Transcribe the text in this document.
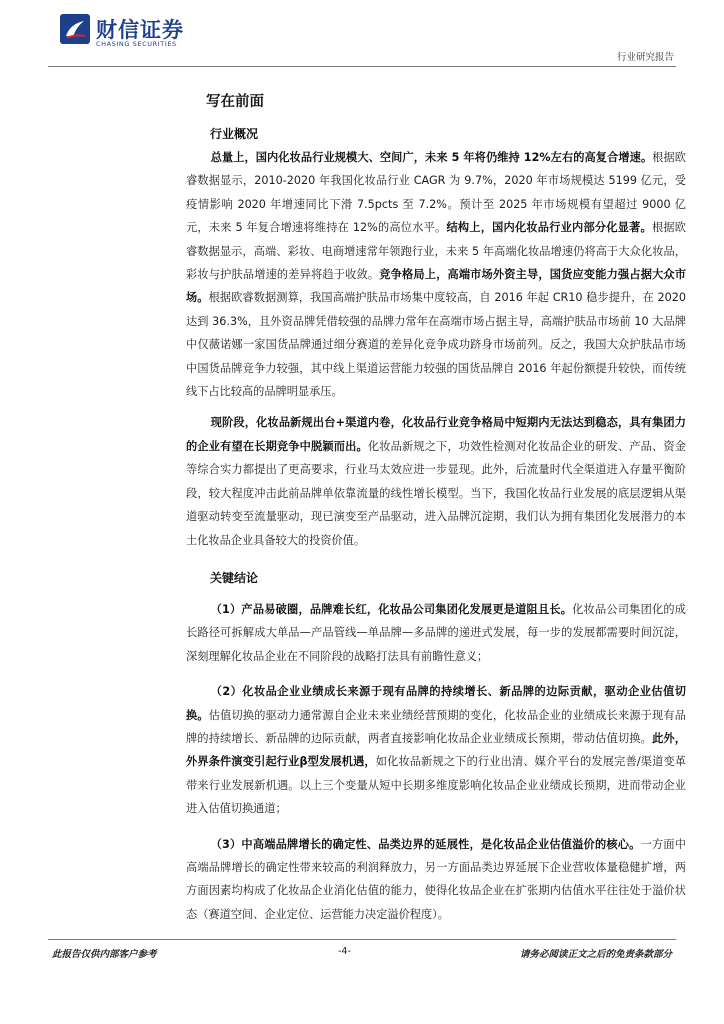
财信证券
CHASING SECURITIES
行业研究报告
写在前面
行业概况

总量上，国内化妆品行业规模大、空间广，未来 5 年将仍维持 12%左右的高复合增速。根据欧睿数据显示，2010-2020 年我国化妆品行业 CAGR 为 9.7%，2020 年市场规模达 5199 亿元，受疫情影响 2020 年增速同比下滑 7.5pcts 至 7.2%。预计至 2025 年市场规模有望超过 9000 亿元，未来 5 年复合增速将维持在 12%的高位水平。结构上，国内化妆品行业内部分化显著。根据欧睿数据显示，高端、彩妆、电商增速常年领跑行业，未来 5 年高端化妆品增速仍将高于大众化妆品，彩妆与护肤品增速的差异将趋于收敛。竞争格局上，高端市场外资主导，国货应变能力强占据大众市场。根据欧睿数据测算，我国高端护肤品市场集中度较高，自 2016 年起 CR10 稳步提升，在 2020 达到 36.3%，且外资品牌凭借较强的品牌力常年在高端市场占据主导，高端护肤品市场前 10 大品牌中仅薇诺娜一家国货品牌通过细分赛道的差异化竞争成功跻身市场前列。反之，我国大众护肤品市场中国货品牌竞争力较强，其中线上渠道运营能力较强的国货品牌自 2016 年起份额提升较快，而传统线下占比较高的品牌明显承压。

现阶段，化妆品新规出台+渠道内卷，化妆品行业竞争格局中短期内无法达到稳态，具有集团力的企业有望在长期竞争中脱颖而出。化妆品新规之下，功效性检测对化妆品企业的研发、产品、资金等综合实力都提出了更高要求，行业马太效应进一步显现。此外，后流量时代全渠道进入存量平衡阶段，较大程度冲击此前品牌单依靠流量的线性增长模型。当下，我国化妆品行业发展的底层逻辑从渠道驱动转变至流量驱动，现已演变至产品驱动，进入品牌沉淀期，我们认为拥有集团化发展潜力的本土化妆品企业具备较大的投资价值。

关键结论

（1）产品易破圈，品牌难长红，化妆品公司集团化发展更是道阻且长。化妆品公司集团化的成长路径可拆解成大单品—产品管线—单品牌—多品牌的递进式发展，每一步的发展都需要时间沉淀，深刻理解化妆品企业在不同阶段的战略打法具有前瞻性意义；

（2）化妆品企业业绩成长来源于现有品牌的持续增长、新品牌的边际贡献，驱动企业估值切换。估值切换的驱动力通常源自企业未来业绩经营预期的变化，化妆品企业的业绩成长来源于现有品牌的持续增长、新品牌的边际贡献，两者直接影响化妆品企业业绩成长预期，带动估值切换。此外，外界条件演变引起行业β型发展机遇，如化妆品新规之下的行业出清、媒介平台的发展完善/渠道变革带来行业发展新机遇。以上三个变量从短中长期多维度影响化妆品企业业绩成长预期，进而带动企业进入估值切换通道；

（3）中高端品牌增长的确定性、品类边界的延展性，是化妆品企业估值溢价的核心。一方面中高端品牌增长的确定性带来较高的利润释放力，另一方面品类边界延展下企业营收体量稳健扩增，两方面因素均构成了化妆品企业消化估值的能力，使得化妆品企业在扩张期内估值水平往往处于溢价状态（赛道空间、企业定位、运营能力决定溢价程度）。

此报告仅供内部客户参考	-4-	请务必阅读正文之后的免责条款部分
